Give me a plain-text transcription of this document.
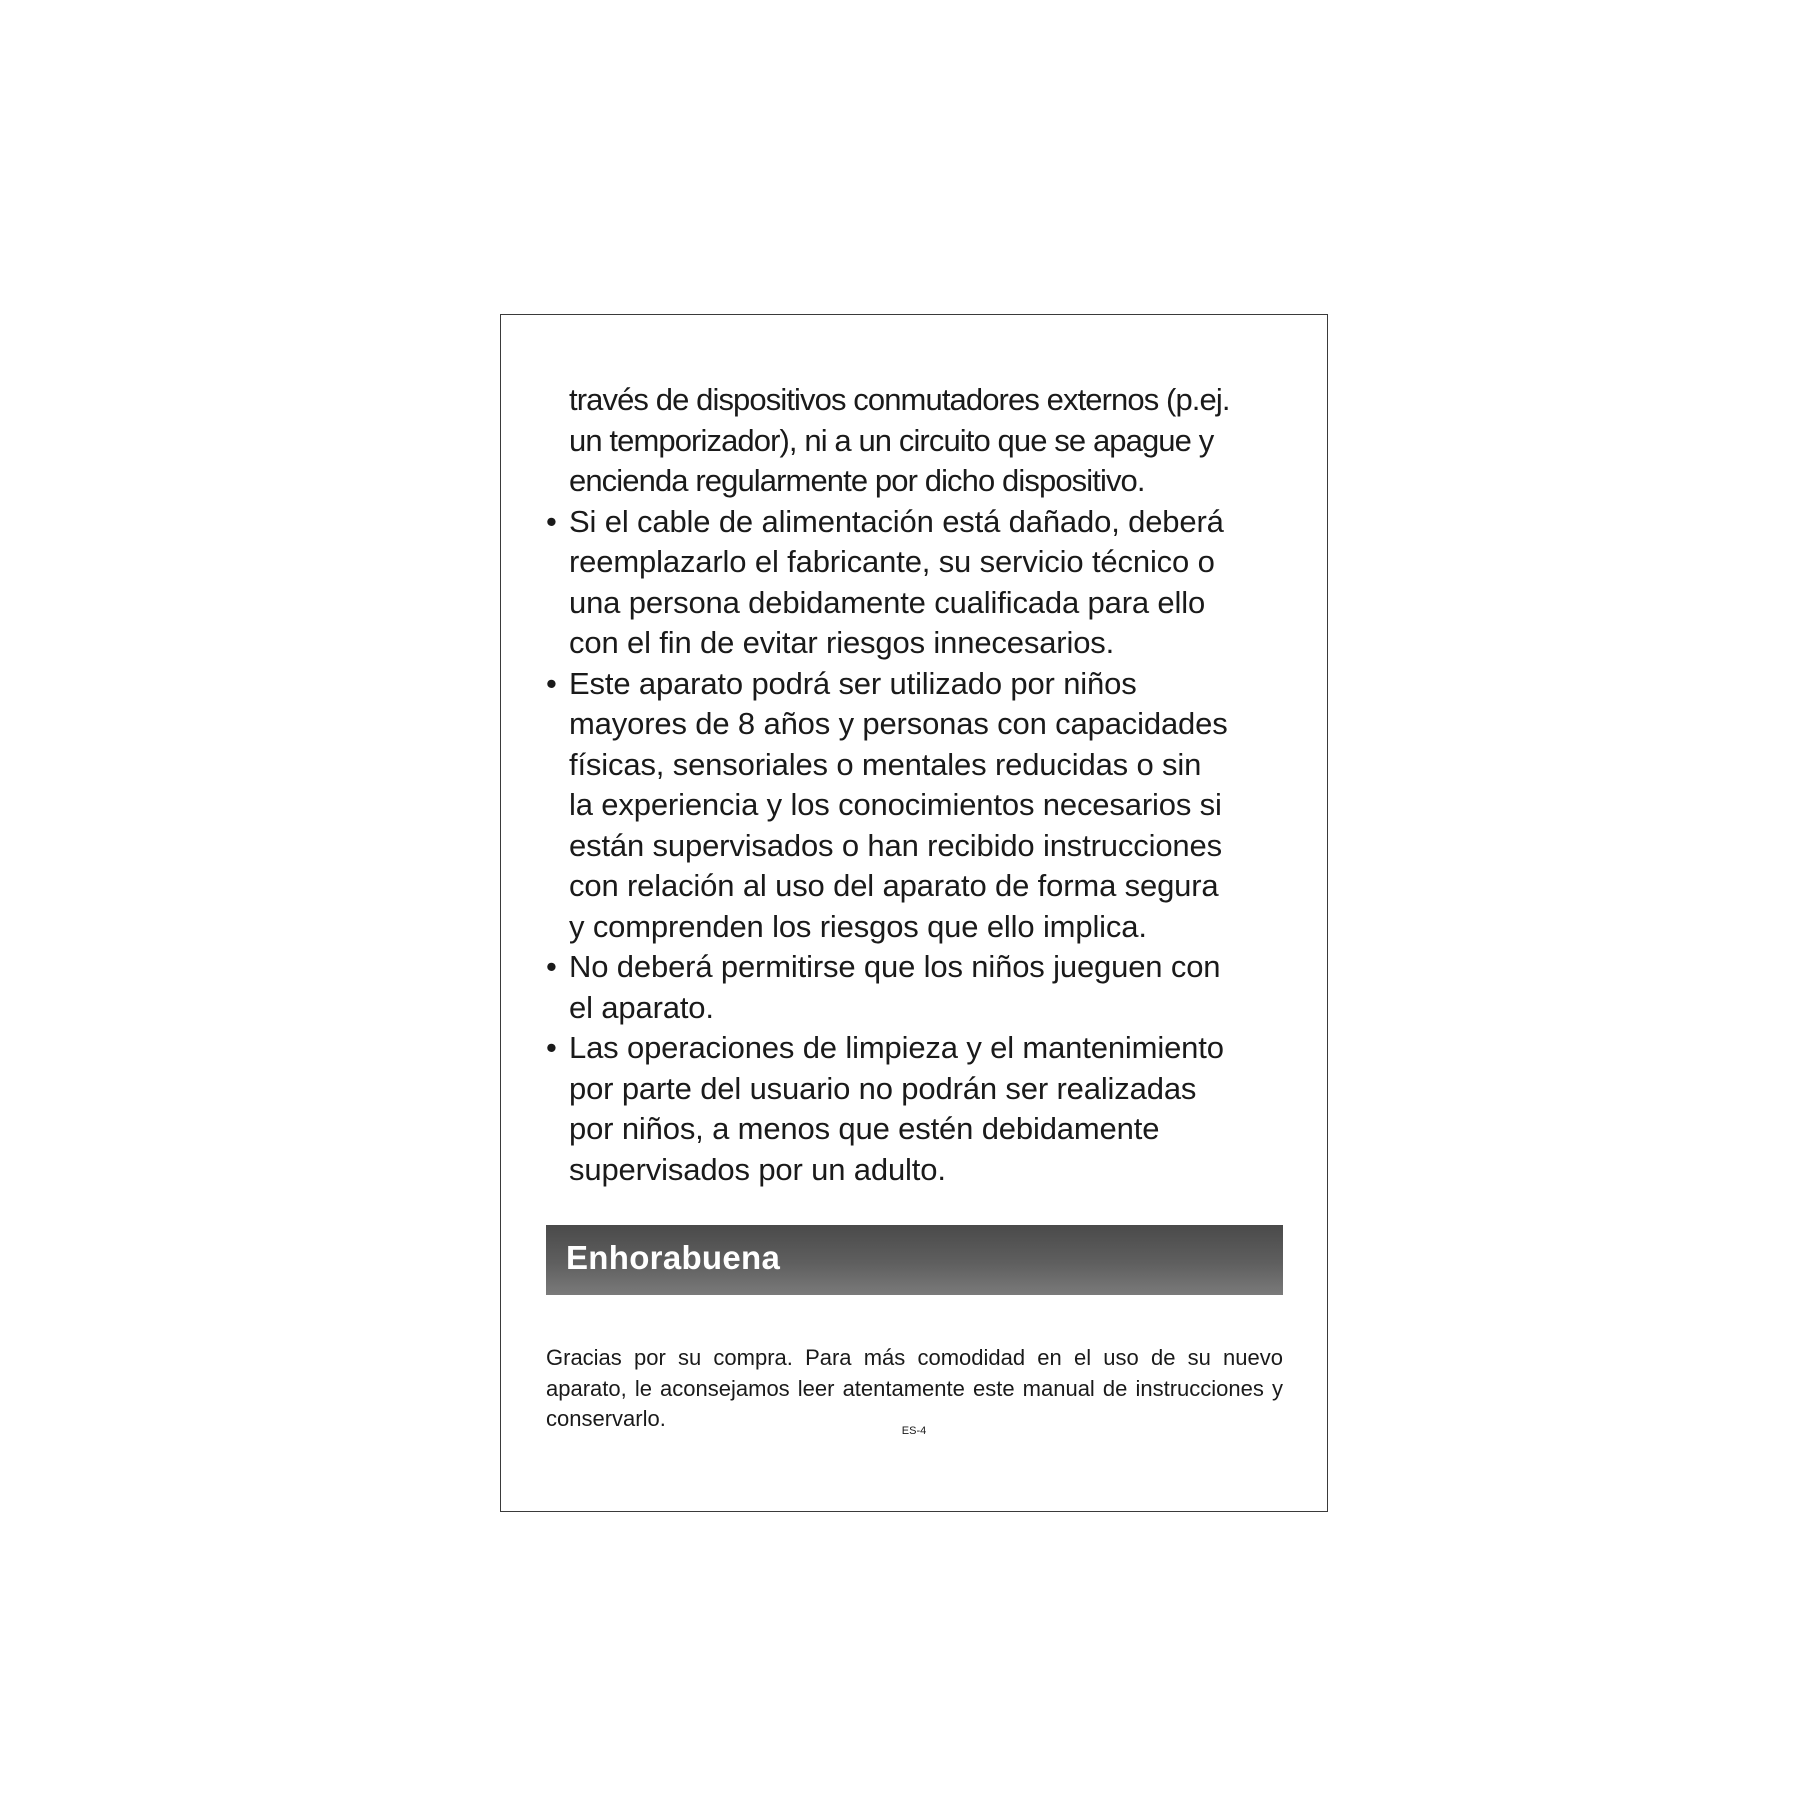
través de dispositivos conmutadores externos (p.ej.
un temporizador), ni a un circuito que se apague y
encienda regularmente por dicho dispositivo.
• Si el cable de alimentación está dañado, deberá
reemplazarlo el fabricante, su servicio técnico o
una persona debidamente cualificada para ello
con el fin de evitar riesgos innecesarios.
• Este aparato podrá ser utilizado por niños
mayores de 8 años y personas con capacidades
físicas, sensoriales o mentales reducidas o sin
la experiencia y los conocimientos necesarios si
están supervisados o han recibido instrucciones
con relación al uso del aparato de forma segura
y comprenden los riesgos que ello implica.
• No deberá permitirse que los niños jueguen con
el aparato.
• Las operaciones de limpieza y el mantenimiento
por parte del usuario no podrán ser realizadas
por niños, a menos que estén debidamente
supervisados por un adulto.
Enhorabuena

Gracias por su compra. Para más comodidad en el uso de su nuevo aparato, le aconsejamos leer atentamente este manual de instrucciones y conservarlo.	ES-4
